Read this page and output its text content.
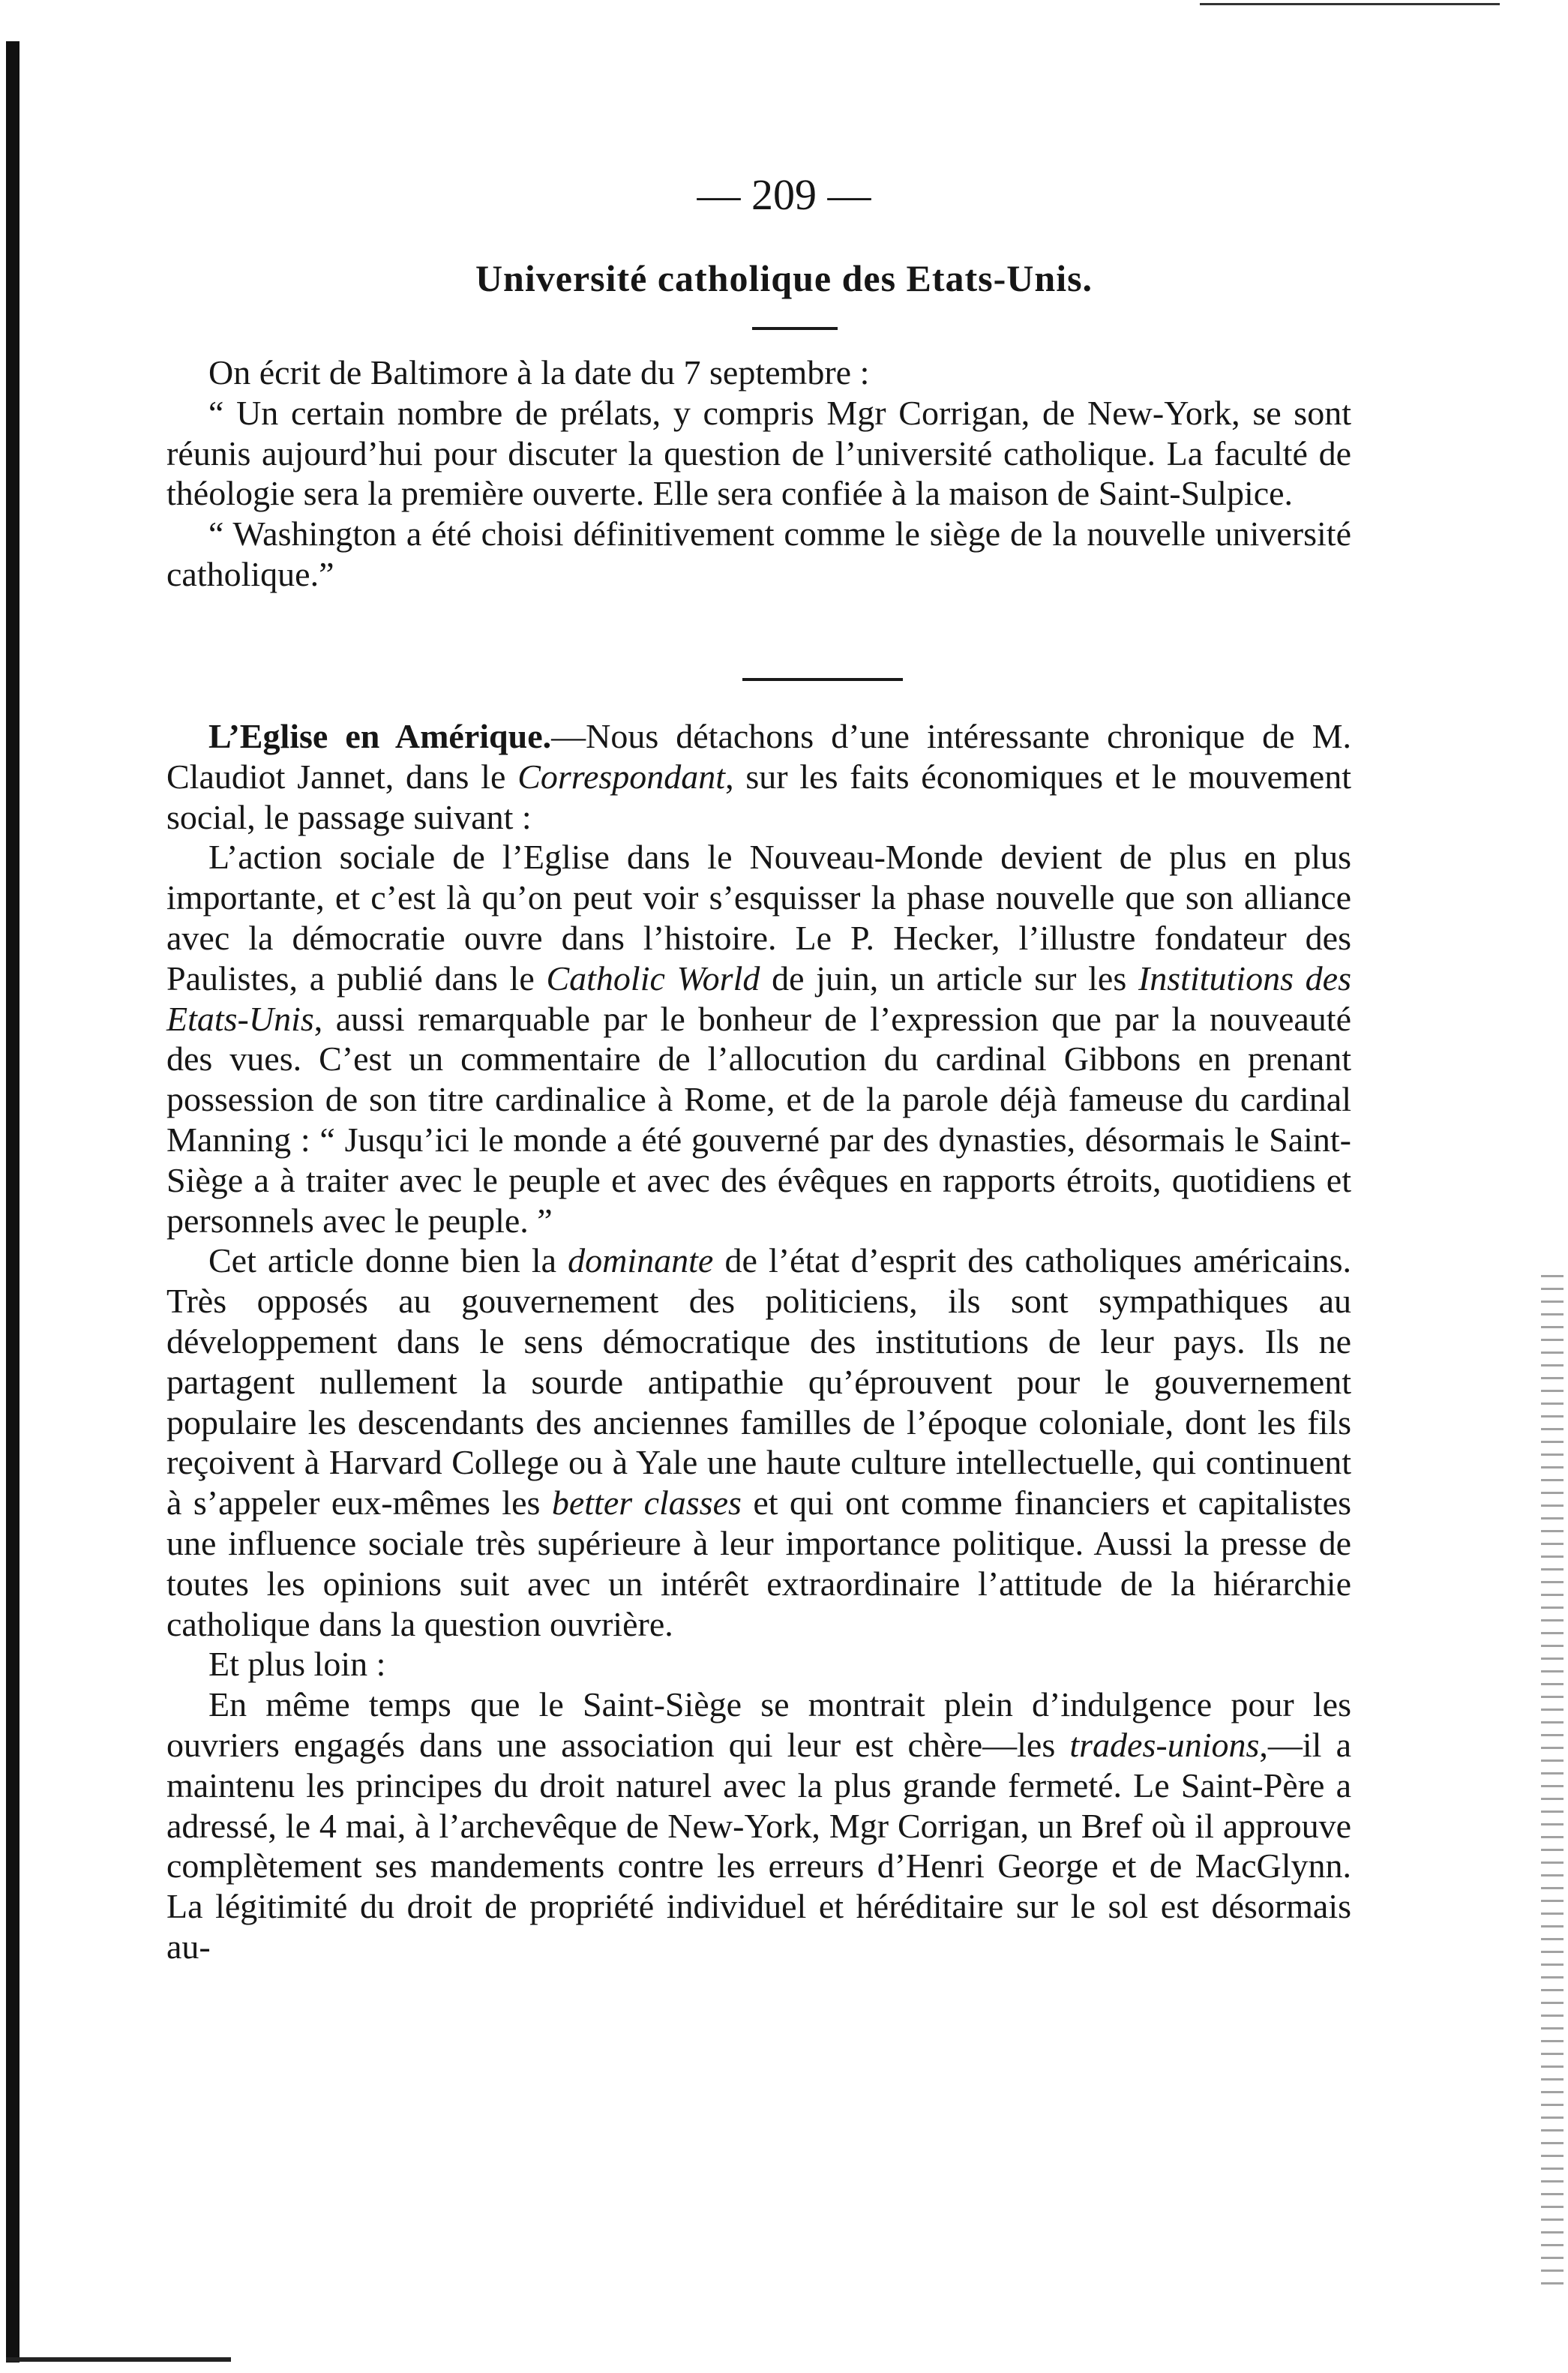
— 209 —
Université catholique des Etats-Unis.
On écrit de Baltimore à la date du 7 septembre :
“ Un certain nombre de prélats, y compris Mgr Corrigan, de New-York, se sont réunis aujourd’hui pour discuter la question de l’université catholique. La faculté de théologie sera la première ouverte. Elle sera confiée à la maison de Saint-Sulpice.
“ Washington a été choisi définitivement comme le siège de la nouvelle université catholique.”
L’Eglise en Amérique.—Nous détachons d’une intéressante chronique de M. Claudiot Jannet, dans le Correspondant, sur les faits économiques et le mouvement social, le passage suivant :
L’action sociale de l’Eglise dans le Nouveau-Monde devient de plus en plus importante, et c’est là qu’on peut voir s’esquisser la phase nouvelle que son alliance avec la démocratie ouvre dans l’histoire. Le P. Hecker, l’illustre fondateur des Paulistes, a publié dans le Catholic World de juin, un article sur les Institutions des Etats-Unis, aussi remarquable par le bonheur de l’expression que par la nouveauté des vues. C’est un commentaire de l’allocution du cardinal Gibbons en prenant possession de son titre cardinalice à Rome, et de la parole déjà fameuse du cardinal Manning : “ Jusqu’ici le monde a été gouverné par des dynasties, désormais le Saint-Siège a à traiter avec le peuple et avec des évêques en rapports étroits, quotidiens et personnels avec le peuple. ”
Cet article donne bien la dominante de l’état d’esprit des catholiques américains. Très opposés au gouvernement des politiciens, ils sont sympathiques au développement dans le sens démocratique des institutions de leur pays. Ils ne partagent nullement la sourde antipathie qu’éprouvent pour le gouvernement populaire les descendants des anciennes familles de l’époque coloniale, dont les fils reçoivent à Harvard College ou à Yale une haute culture intellectuelle, qui continuent à s’appeler eux-mêmes les better classes et qui ont comme financiers et capitalistes une influence sociale très supérieure à leur importance politique. Aussi la presse de toutes les opinions suit avec un intérêt extraordinaire l’attitude de la hiérarchie catholique dans la question ouvrière.
Et plus loin :
En même temps que le Saint-Siège se montrait plein d’indulgence pour les ouvriers engagés dans une association qui leur est chère—les trades-unions,—il a maintenu les principes du droit naturel avec la plus grande fermeté. Le Saint-Père a adressé, le 4 mai, à l’archevêque de New-York, Mgr Corrigan, un Bref où il approuve complètement ses mandements contre les erreurs d’Henri George et de MacGlynn. La légitimité du droit de propriété individuel et héréditaire sur le sol est désormais au-
